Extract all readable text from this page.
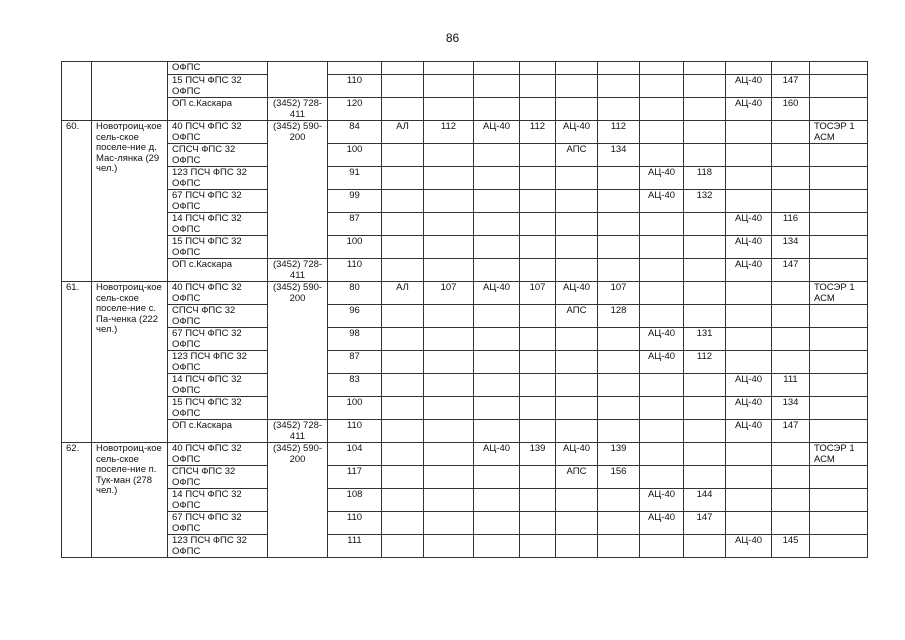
86
		ОФПС													
		15 ПСЧ ФПС 32 ОФПС		110									АЦ-40	147	
		ОП с.Каскара	(3452) 728-411	120									АЦ-40	160	
60.	Новотроиц-кое сель-ское поселе-ние д. Мас-лянка (29 чел.)	40 ПСЧ ФПС 32 ОФПС	(3452) 590-200	84	АЛ	112	АЦ-40	112	АЦ-40	112					ТОСЭР 1 АСМ
		СПСЧ ФПС 32 ОФПС		100					АПС	134					
		123 ПСЧ ФПС 32 ОФПС		91							АЦ-40	118			
		67 ПСЧ ФПС 32 ОФПС		99							АЦ-40	132			
		14 ПСЧ ФПС 32 ОФПС		87									АЦ-40	116	
		15 ПСЧ ФПС 32 ОФПС		100									АЦ-40	134	
		ОП с.Каскара	(3452) 728-411	110									АЦ-40	147	
61.	Новотроиц-кое сель-ское поселе-ние с. Па-ченка (222 чел.)	40 ПСЧ ФПС 32 ОФПС	(3452) 590-200	80	АЛ	107	АЦ-40	107	АЦ-40	107					ТОСЭР 1 АСМ
		СПСЧ ФПС 32 ОФПС		96					АПС	128					
		67 ПСЧ ФПС 32 ОФПС		98							АЦ-40	131			
		123 ПСЧ ФПС 32 ОФПС		87							АЦ-40	112			
		14 ПСЧ ФПС 32 ОФПС		83									АЦ-40	111	
		15 ПСЧ ФПС 32 ОФПС		100									АЦ-40	134	
		ОП с.Каскара	(3452) 728-411	110									АЦ-40	147	
62.	Новотроиц-кое сель-ское поселе-ние п. Тук-ман (278 чел.)	40 ПСЧ ФПС 32 ОФПС	(3452) 590-200	104			АЦ-40	139	АЦ-40	139					ТОСЭР 1 АСМ
		СПСЧ ФПС 32 ОФПС		117					АПС	156					
		14 ПСЧ ФПС 32 ОФПС		108							АЦ-40	144			
		67 ПСЧ ФПС 32 ОФПС		110							АЦ-40	147			
		123 ПСЧ ФПС 32 ОФПС		111									АЦ-40	145	
